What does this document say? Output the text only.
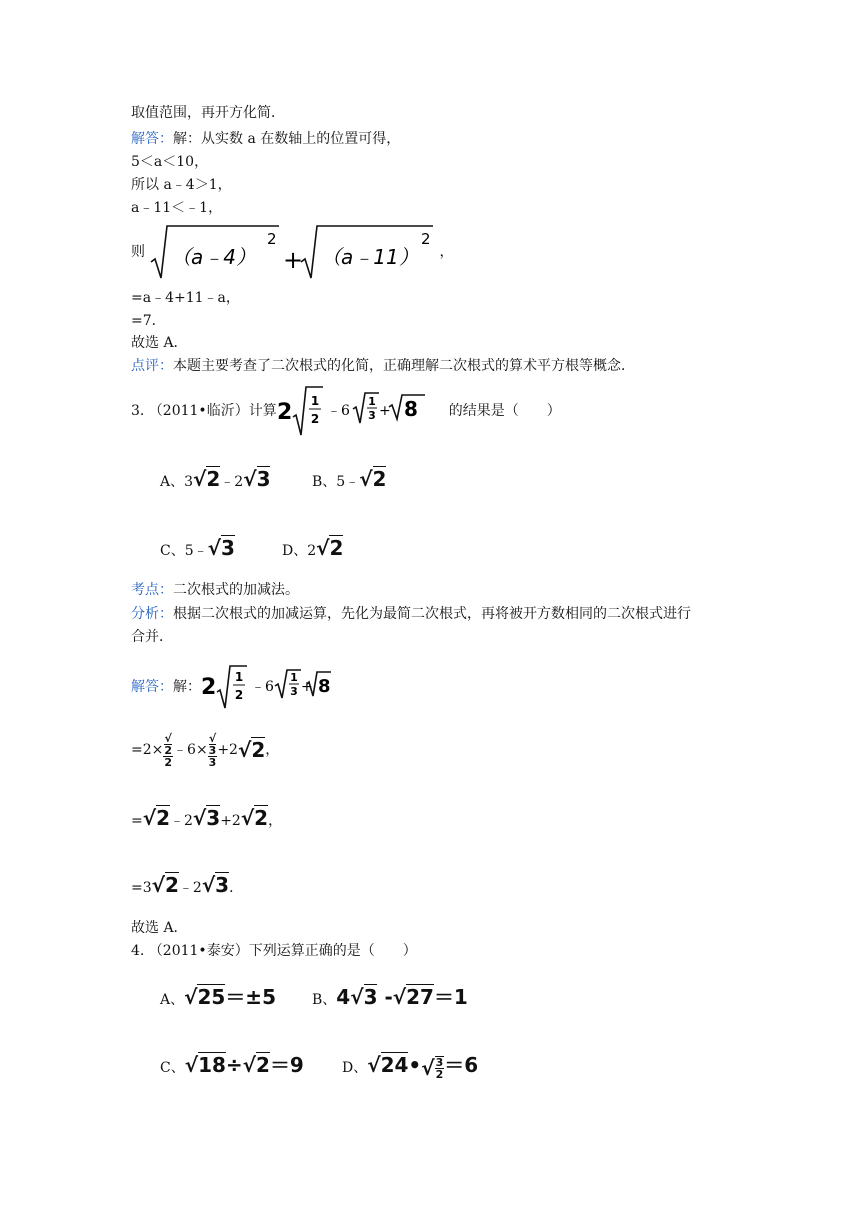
取值范围，再开方化简．
解答：解：从实数 a 在数轴上的位置可得，
5＜a＜10，
所以 a﹣4＞1，
a﹣11＜﹣1，
则 （a﹣4）
2
+ （a﹣11）
2
，
=a﹣4+11﹣a，
=7．
故选 A．
点评：本题主要考查了二次根式的化简，正确理解二次根式的算术平方根等概念．
3. （2011•临沂）计算 2 1
2 ﹣6
1
3 + 8 的结果是（　　）
A、3√2﹣2√3	B、5﹣√2
C、5﹣√3	D、2√2
考点：二次根式的加减法。
分析：根据二次根式的加减运算，先化为最简二次根式，再将被开方数相同的二次根式进行
合并．
解答：解： 2 1
2 ﹣6
1
3 + 8
=2× √
2
2 ﹣6× √
3
3 +2√2，
=√2﹣2√3+2√2，
=3√2﹣2√3．
故选 A．
4. （2011•泰安）下列运算正确的是（　　）
A、√25＝±5	B、4√3 -√27＝1
C、√18÷√2＝9	D、√24•√ $\frac{3}{2} =6$
